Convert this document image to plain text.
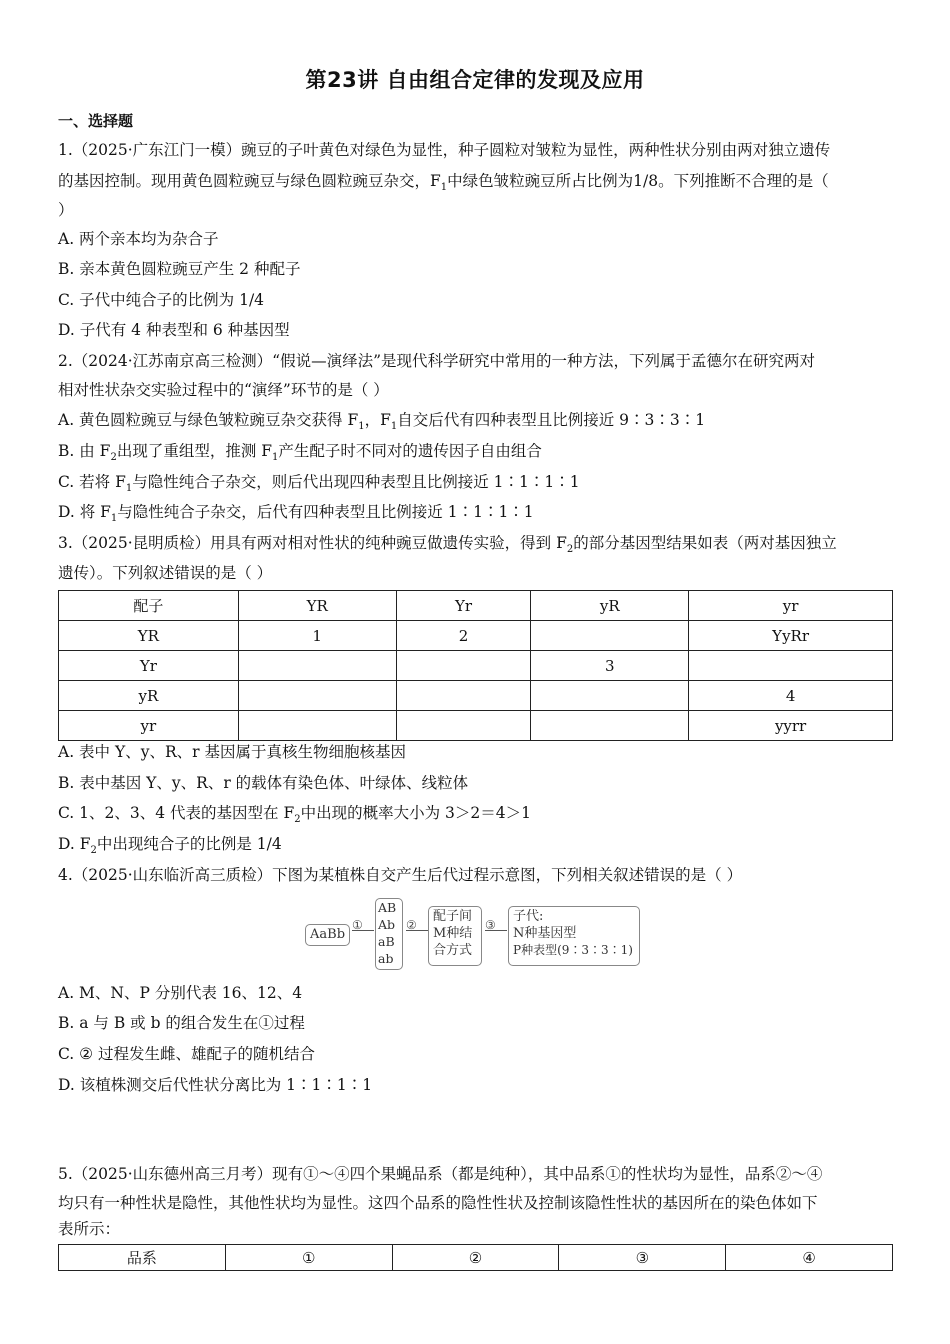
第23讲 自由组合定律的发现及应用
一、选择题
1.（2025·广东江门一模）豌豆的子叶黄色对绿色为显性，种子圆粒对皱粒为显性，两种性状分别由两对独立遗传
的基因控制。现用黄色圆粒豌豆与绿色圆粒豌豆杂交，$F_1$中绿色皱粒豌豆所占比例为1/8。下列推断不合理的是（
）
A. 两个亲本均为杂合子
B. 亲本黄色圆粒豌豆产生 2 种配子
C. 子代中纯合子的比例为 1/4
D. 子代有 4 种表型和 6 种基因型
2.（2024·江苏南京高三检测）“假说—演绎法”是现代科学研究中常用的一种方法，下列属于孟德尔在研究两对
相对性状杂交实验过程中的“演绎”环节的是（ ）
A. 黄色圆粒豌豆与绿色皱粒豌豆杂交获得 $F_1$，$F_1$自交后代有四种表型且比例接近 9∶3∶3∶1
B. 由 $F_2$出现了重组型，推测 $F_1$产生配子时不同对的遗传因子自由组合
C. 若将 $F_1$与隐性纯合子杂交，则后代出现四种表型且比例接近 1∶1∶1∶1
D. 将 $F_1$与隐性纯合子杂交，后代有四种表型且比例接近 1∶1∶1∶1
3.（2025·昆明质检）用具有两对相对性状的纯种豌豆做遗传实验，得到 $F_2$的部分基因型结果如表（两对基因独立
遗传）。下列叙述错误的是（ ）
配子	YR	Yr	yR	yr
YR	1	2		YyRr
Yr			3	
yR				4
yr				yyrr
A. 表中 Y、y、R、r 基因属于真核生物细胞核基因
B. 表中基因 Y、y、R、r 的载体有染色体、叶绿体、线粒体
C. 1、2、3、4 代表的基因型在 $F_2$中出现的概率大小为 3＞2＝4＞1
D. $F_2$中出现纯合子的比例是 1/4
4.（2025·山东临沂高三质检）下图为某植株自交产生后代过程示意图，下列相关叙述错误的是（ ）
AaBb
①
AB
Ab
aB
ab
②
配子间
M种结
合方式
③
子代:
N种基因型
P种表型(9∶3∶3∶1)
A. M、N、P 分别代表 16、12、4
B. a 与 B 或 b 的组合发生在①过程
C. ② 过程发生雌、雄配子的随机结合
D. 该植株测交后代性状分离比为 1∶1∶1∶1
5.（2025·山东德州高三月考）现有①～④四个果蝇品系（都是纯种），其中品系①的性状均为显性，品系②～④
均只有一种性状是隐性，其他性状均为显性。这四个品系的隐性性状及控制该隐性性状的基因所在的染色体如下
表所示：
品系	①	②	③	④
